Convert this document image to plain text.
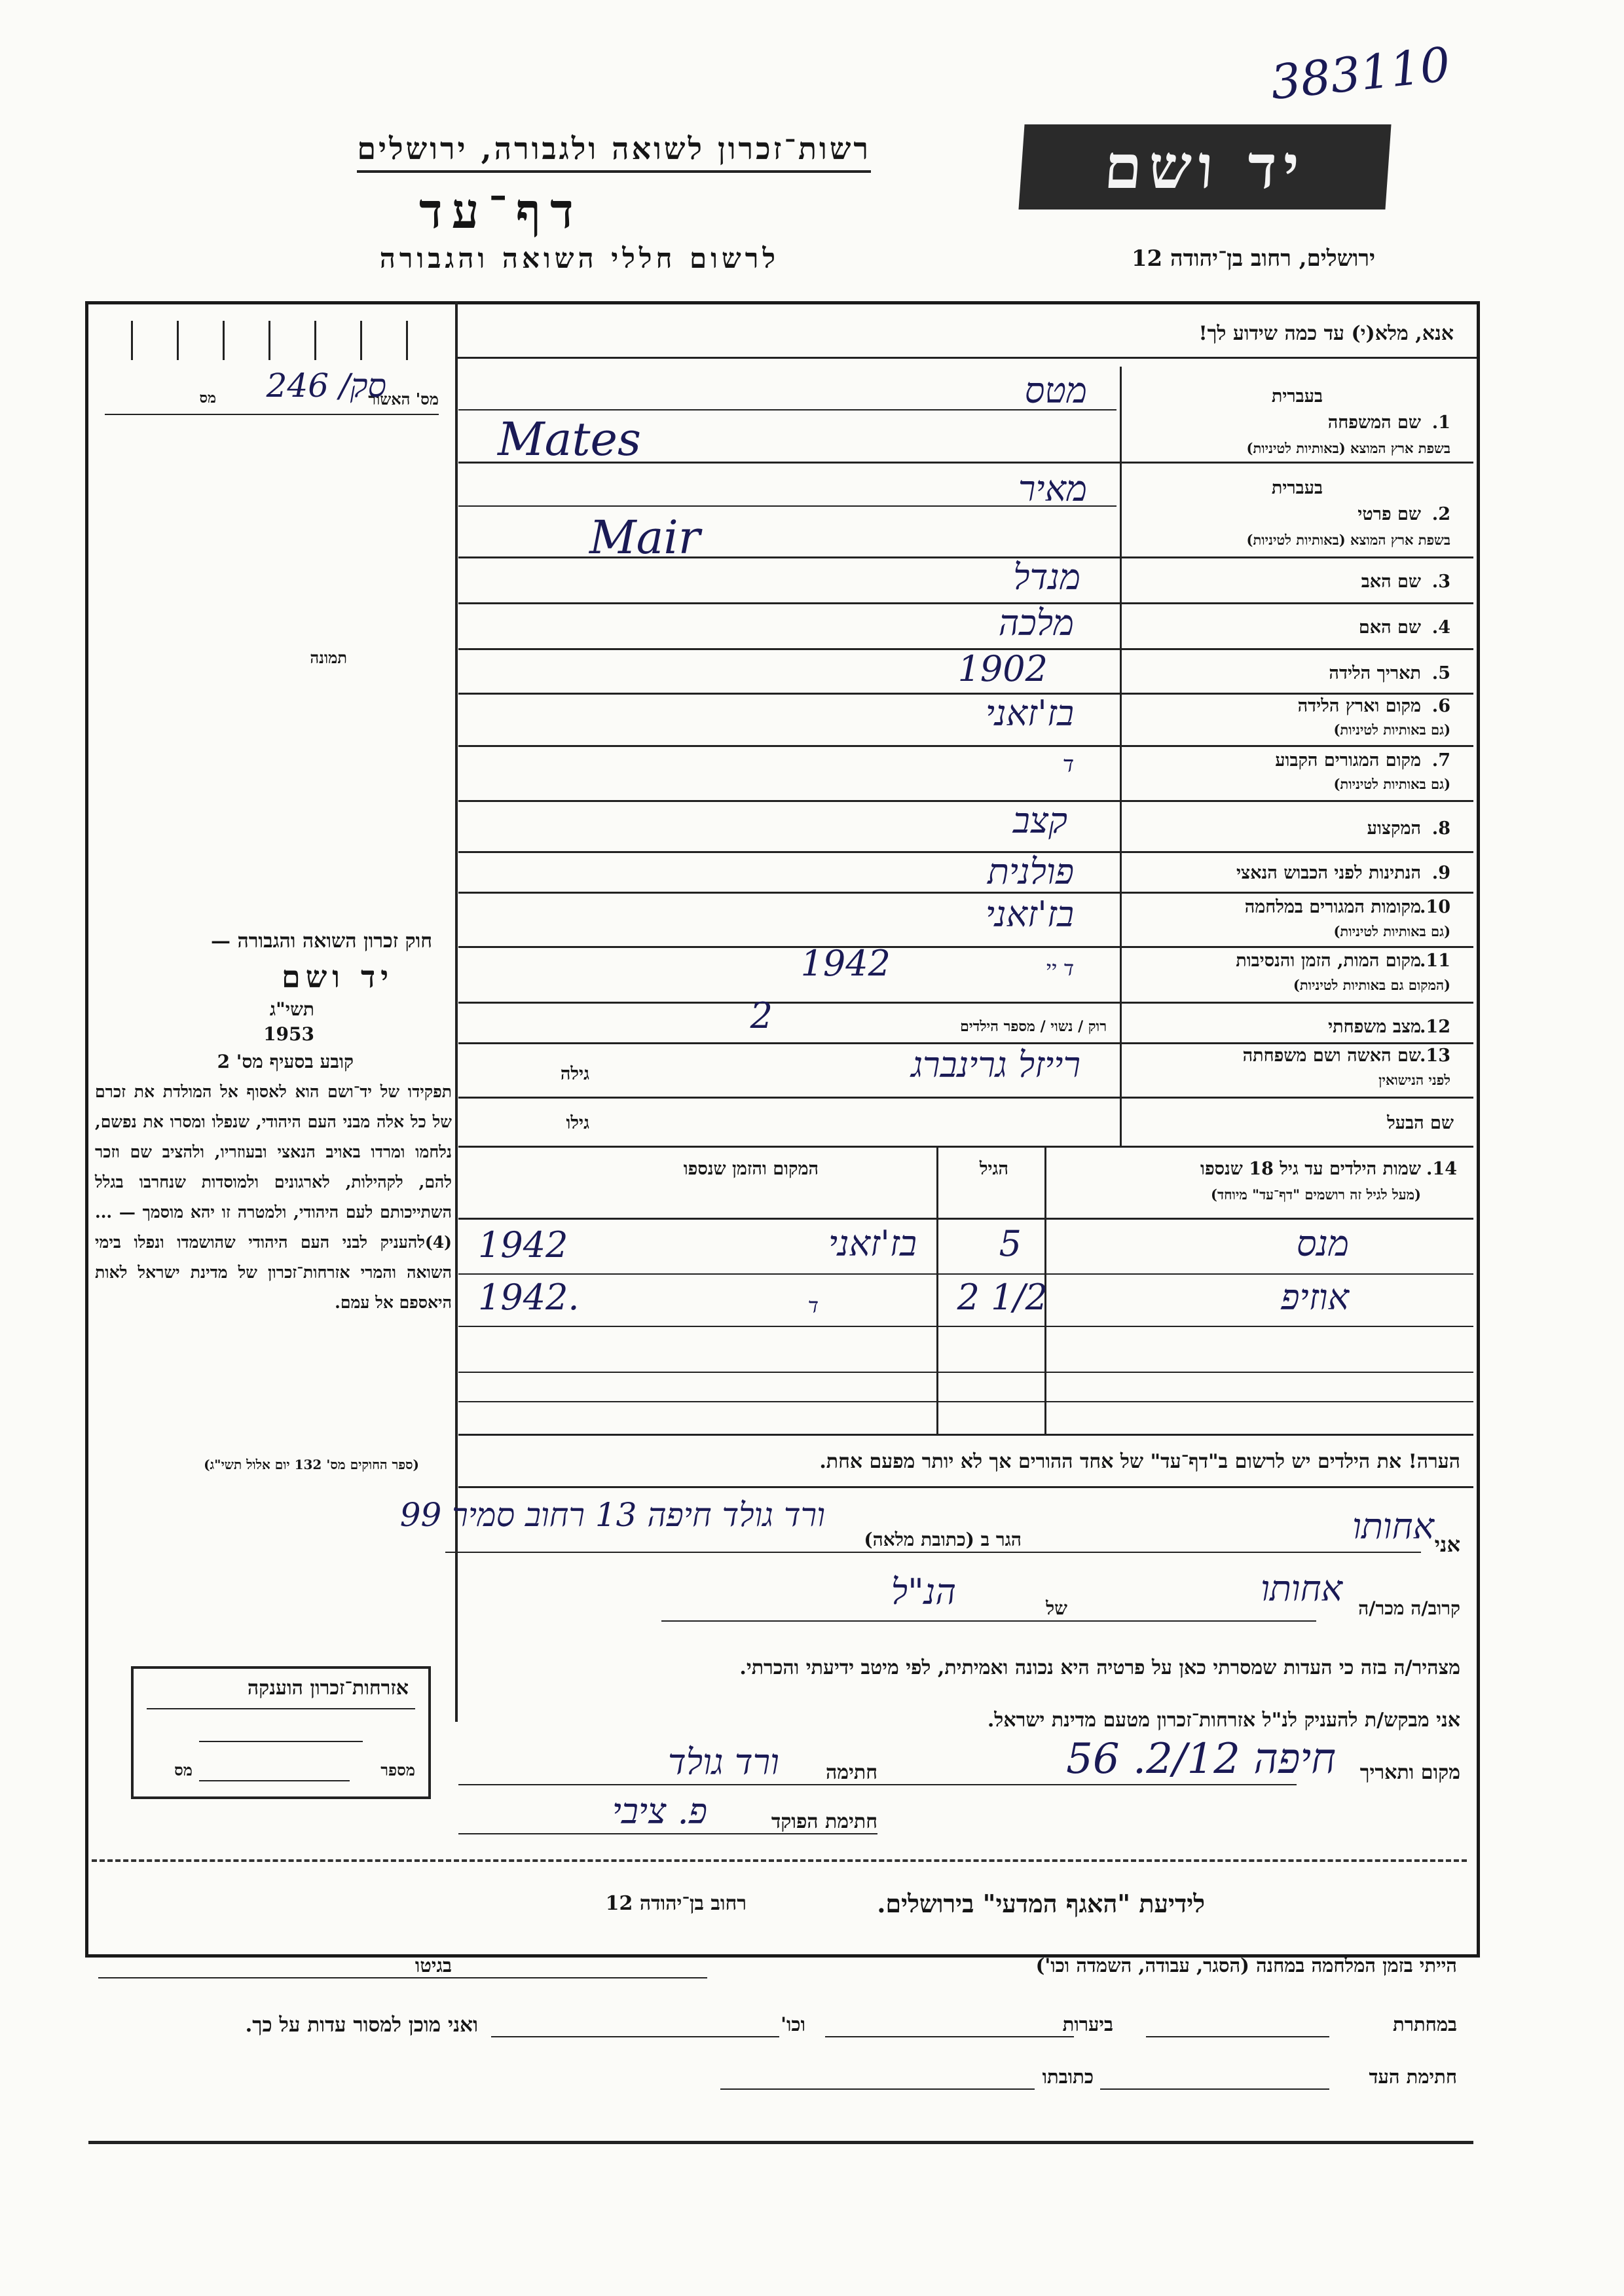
383110
רשות־זכרון לשואה ולגבורה, ירושלים
דף־עד
לרשום חללי השואה והגבורה
יד ושם
ירושלים, רחוב בן־יהודה 12
אנא, מלא(י) עד כמה שידוע לך!
מס' האשור
מס סק/ 246
תמונה
בעברית
שם המשפחה 1.
בשפת ארץ המוצא (באותיות לטיניות)
מטס
Mates
בעברית
שם פרטי 2.
בשפת ארץ המוצא (באותיות לטיניות)
מאיר
Mair
שם האב 3.
מנדל
שם האם 4.
מלכה
תאריך הלידה 5.
1902
מקום וארץ הלידה 6.
(גם באותיות לטיניות)
בז'זאני
מקום המגורים הקבוע 7.
(גם באותיות לטיניות)
ד
המקצוע 8.
קצב
הנתינות לפני הכבוש הנאצי 9.
פולנית
מקומות המגורים במלחמה
10.
(גם באותיות לטיניות)
בז'זאני
מקום המות, הזמן והנסיבות
11.
(המקום גם באותיות לטיניות)
1942	ד יי
מצב משפחתי
12.
רוק / נשוי / מספר הילדים
2
שם האשה ושם משפחתה
13.
לפני הנישואין
גילה	רייזל גרינברג
שם הבעל
גילו
שמות הילדים עד גיל 18 שנספו 14.
(מעל לגיל זה רושמים "דף־עד" מיוחד)
הגיל
המקום והזמן שנספו
מנס
5
בז'זאני
1942
אוזיפ
2 1/2
ד
1942.
הערה! את הילדים יש לרשום ב"דף־עד" של אחד ההורים אך לא יותר מפעם אחת.
אני
אחותו
הגר ב (כתובת מלאה)
ורד גולד חיפה 13 רחוב סמיר 99
קרוב/ה מכר/ה
אחותו
של
הנ"ל
מצהיר/ה בזה כי העדות שמסרתי כאן על פרטיה היא נכונה ואמיתית, לפי מיטב ידיעתי והכרתי.
אני מבקש/ת להעניק לנ"ל אזרחות־זכרון מטעם מדינת ישראל.
מקום ותאריך
חיפה 2/12. 56
חתימה
ורד גולד
חתימת הפוקד
פ. ציבי
חוק זכרון השואה והגבורה —
יד ושם
תשי"ג
1953
קובע בסעיף מס' 2
תפקידו של יד־ושם הוא לאסוף אל המולדת את זכרם של כל אלה מבני העם היהודי, שנפלו ומסרו את נפשם, נלחמו ומרדו באויב הנאצי ובעוזריו, ולהציב שם וזכר להם, לקהילות, לארגונים ולמוסדות שנחרבו בגלל השתייכותם לעם היהודי, ולמטרה זו יהא מוסמך — ...(4)להעניק לבני העם היהודי שהושמדו ונפלו בימי השואה והמרי אזרחות־זכרון של מדינת ישראל לאות היאספם אל עמם.
(ספר החוקים מס' 132 יום אלול תשי"ג)
אזרחות־זכרון הוענקה
מספר
מס
לידיעת "האגף המדעי" בירושלים.
רחוב בן־יהודה 12
הייתי בזמן המלחמה במחנה (הסגר, עבודה, השמדה וכו')
בגיטו
במחתרת
ביערות
וכו'
ואני מוכן למסור עדות על כך.
חתימת העד
כתובתו
